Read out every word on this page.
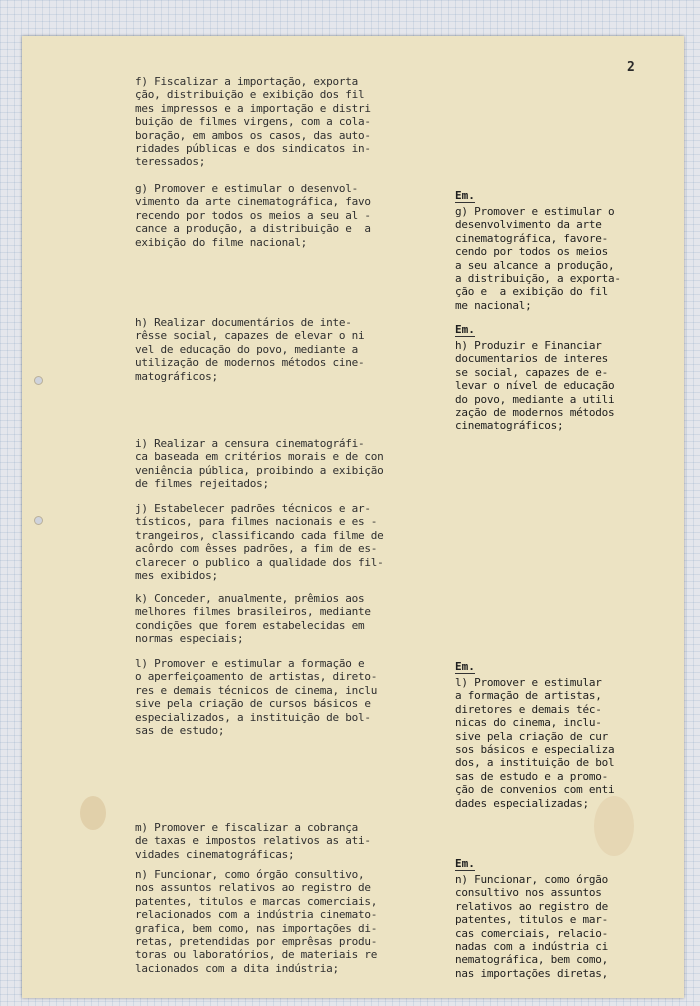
2
f) Fiscalizar a importação, exporta
ção, distribuição e exibição dos fil
mes impressos e a importação e distri
buição de filmes virgens, com a cola-
boração, em ambos os casos, das auto-
ridades públicas e dos sindicatos in-
teressados;
g) Promover e estimular o desenvol-
vimento da arte cinematográfica, favo
recendo por todos os meios a seu al -
cance a produção, a distribuição e  a
exibição do filme nacional;
h) Realizar documentários de inte-
rêsse social, capazes de elevar o ni
vel de educação do povo, mediante a
utilização de modernos métodos cine-
matográficos;
i) Realizar a censura cinematográfi-
ca baseada em critérios morais e de con
veniência pública, proibindo a exibição
de filmes rejeitados;
j) Estabelecer padrões técnicos e ar-
tísticos, para filmes nacionais e es -
trangeiros, classificando cada filme de
acôrdo com êsses padrões, a fim de es-
clarecer o publico a qualidade dos fil-
mes exibidos;
k) Conceder, anualmente, prêmios aos
melhores filmes brasileiros, mediante
condições que forem estabelecidas em
normas especiais;
l) Promover e estimular a formação e
o aperfeiçoamento de artistas, direto-
res e demais técnicos de cinema, inclu
sive pela criação de cursos básicos e
especializados, a instituição de bol-
sas de estudo;
m) Promover e fiscalizar a cobrança
de taxas e impostos relativos as ati-
vidades cinematográficas;
n) Funcionar, como órgão consultivo,
nos assuntos relativos ao registro de
patentes, titulos e marcas comerciais,
relacionados com a indústria cinemato-
grafica, bem como, nas importações di-
retas, pretendidas por emprêsas produ-
toras ou laboratórios, de materiais re
lacionados com a dita indústria;
Em.
g) Promover e estimular o
desenvolvimento da arte
cinematográfica, favore-
cendo por todos os meios
a seu alcance a produção,
a distribuição, a exporta-
ção e  a exibição do fil
me nacional;
Em.
h) Produzir e Financiar
documentarios de interes
se social, capazes de e-
levar o nível de educação
do povo, mediante a utili
zação de modernos métodos
cinematográficos;
Em.
l) Promover e estimular
a formação de artistas,
diretores e demais téc-
nicas do cinema, inclu-
sive pela criação de cur
sos básicos e especializa
dos, a instituição de bol
sas de estudo e a promo-
ção de convenios com enti
dades especializadas;
Em.
n) Funcionar, como órgão
consultivo nos assuntos
relativos ao registro de
patentes, titulos e mar-
cas comerciais, relacio-
nadas com a indústria ci
nematográfica, bem como,
nas importações diretas,
